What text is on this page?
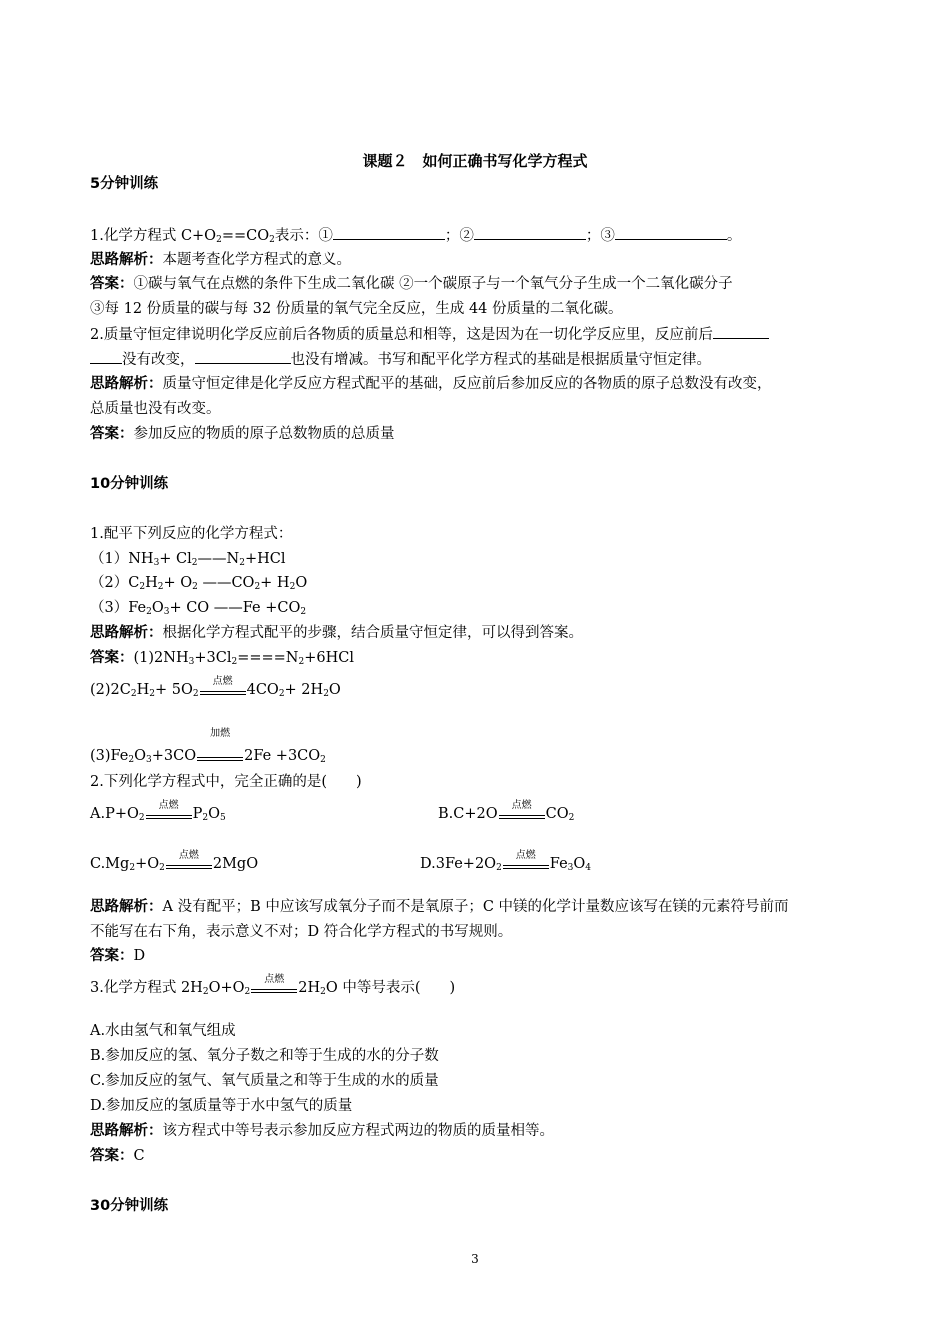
课题２　如何正确书写化学方程式
5分钟训练
1.化学方程式 $C+O_2==CO_2$表示：①	；②	；③	。
思路解析：本题考查化学方程式的意义。
答案：①碳与氧气在点燃的条件下生成二氧化碳 ②一个碳原子与一个氧气分子生成一个二氧化碳分子
③每 12 份质量的碳与每 32 份质量的氧气完全反应，生成 44 份质量的二氧化碳。
2.质量守恒定律说明化学反应前后各物质的质量总和相等，这是因为在一切化学反应里，反应前后
没有改变，	也没有增减。书写和配平化学方程式的基础是根据质量守恒定律。
思路解析：质量守恒定律是化学反应方程式配平的基础，反应前后参加反应的各物质的原子总数没有改变，
总质量也没有改变。
答案：参加反应的物质的原子总数物质的总质量
10分钟训练
1.配平下列反应的化学方程式：
$(1)NH_3+$ $Cl_2——N_2+HCl$
$(2)C_2H_2+ O_2$ $——CO_2+ H_2O$
$(3)Fe_2O_3+$ CO ——Fe $+CO_2$
思路解析：根据化学方程式配平的步骤，结合质量守恒定律，可以得到答案。
答案：$(1)2NH_3+3Cl_2====N_2+6HCl$
$(2)2C_2H_2+ 5O_2$
点燃
$4CO_2+ 2H_2O$
$(3)Fe_2O_3+3CO$
加燃
$2Fe +3CO_2$
2.下列化学方程式中，完全正确的是(　　)
$A.P+O_2$
点燃
$P_2O_5$	B.C+2O
点燃
$CO_2$
$C.Mg_2+O_2$
点燃
2MgO	$D.3Fe+2O_2$
点燃
$Fe_3O_4$
思路解析：A 没有配平；B 中应该写成氧分子而不是氧原子；C 中镁的化学计量数应该写在镁的元素符号前而
不能写在右下角，表示意义不对；D 符合化学方程式的书写规则。
答案：D
3.化学方程式 $2H_2O+O_2$
点燃
$2H_2O$ 中等号表示(　　)
A.水由氢气和氧气组成
B.参加反应的氢、氧分子数之和等于生成的水的分子数
C.参加反应的氢气、氧气质量之和等于生成的水的质量
D.参加反应的氢质量等于水中氢气的质量
思路解析：该方程式中等号表示参加反应方程式两边的物质的质量相等。
答案：C
30分钟训练
3
